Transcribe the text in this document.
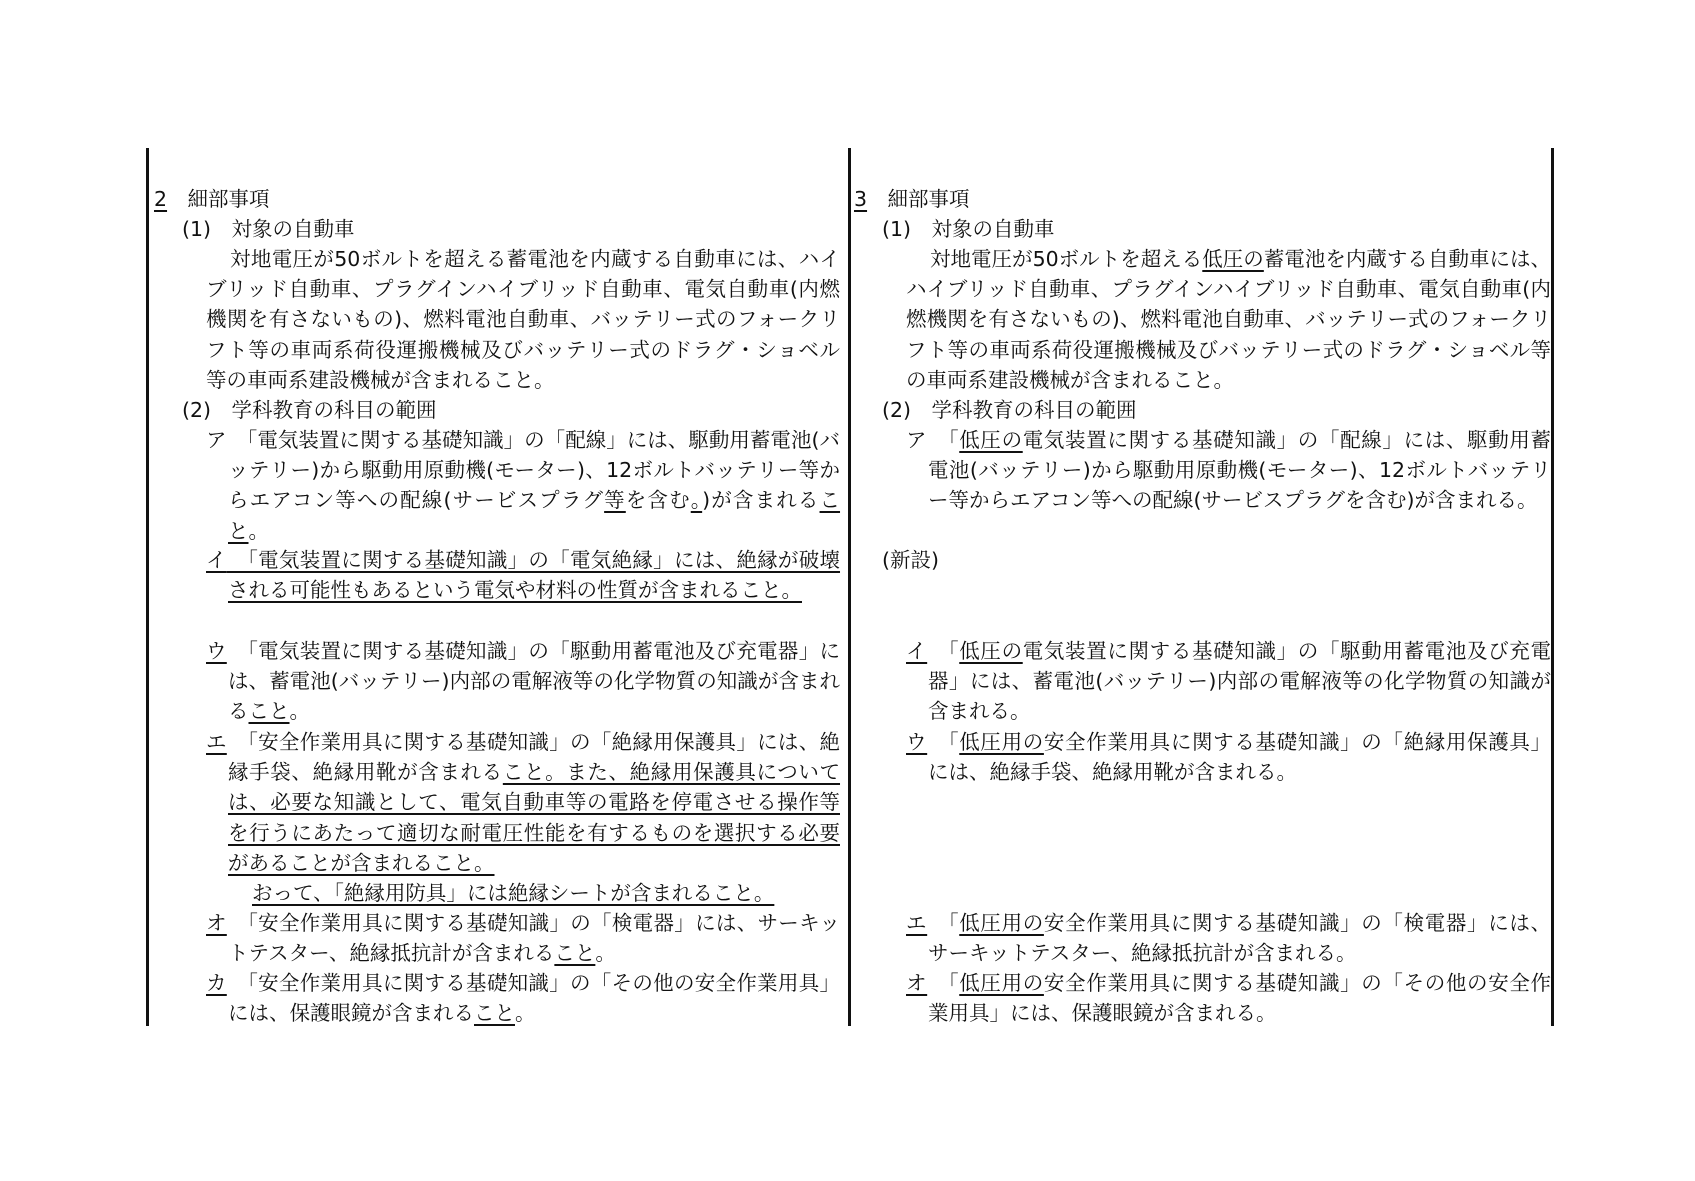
2　細部事項

(1)　対象の自動車

対地電圧が50ボルトを超える蓄電池を内蔵する自動車には、ハイブリッド自動車、プラグインハイブリッド自動車、電気自動車(内燃機関を有さないもの)、燃料電池自動車、バッテリー式のフォークリフト等の車両系荷役運搬機械及びバッテリー式のドラグ・ショベル等の車両系建設機械が含まれること。

(2)　学科教育の科目の範囲

ア　「電気装置に関する基礎知識」の「配線」には、駆動用蓄電池(バッテリー)から駆動用原動機(モーター)、12ボルトバッテリー等からエアコン等への配線(サービスプラグ等を含む。)が含まれること。

イ　「電気装置に関する基礎知識」の「電気絶縁」には、絶縁が破壊される可能性もあるという電気や材料の性質が含まれること。

ウ　「電気装置に関する基礎知識」の「駆動用蓄電池及び充電器」には、蓄電池(バッテリー)内部の電解液等の化学物質の知識が含まれること。

エ　「安全作業用具に関する基礎知識」の「絶縁用保護具」には、絶縁手袋、絶縁用靴が含まれること。また、絶縁用保護具については、必要な知識として、電気自動車等の電路を停電させる操作等を行うにあたって適切な耐電圧性能を有するものを選択する必要があることが含まれること。

おって、「絶縁用防具」には絶縁シートが含まれること。

オ　「安全作業用具に関する基礎知識」の「検電器」には、サーキットテスター、絶縁抵抗計が含まれること。

カ　「安全作業用具に関する基礎知識」の「その他の安全作業用具」には、保護眼鏡が含まれること。

3　細部事項

(1)　対象の自動車

対地電圧が50ボルトを超える低圧の蓄電池を内蔵する自動車には、ハイブリッド自動車、プラグインハイブリッド自動車、電気自動車(内燃機関を有さないもの)、燃料電池自動車、バッテリー式のフォークリフト等の車両系荷役運搬機械及びバッテリー式のドラグ・ショベル等の車両系建設機械が含まれること。

(2)　学科教育の科目の範囲

ア　「低圧の電気装置に関する基礎知識」の「配線」には、駆動用蓄電池(バッテリー)から駆動用原動機(モーター)、12ボルトバッテリー等からエアコン等への配線(サービスプラグを含む)が含まれる。

(新設)

イ　「低圧の電気装置に関する基礎知識」の「駆動用蓄電池及び充電器」には、蓄電池(バッテリー)内部の電解液等の化学物質の知識が含まれる。

ウ　「低圧用の安全作業用具に関する基礎知識」の「絶縁用保護具」には、絶縁手袋、絶縁用靴が含まれる。

エ　「低圧用の安全作業用具に関する基礎知識」の「検電器」には、サーキットテスター、絶縁抵抗計が含まれる。

オ　「低圧用の安全作業用具に関する基礎知識」の「その他の安全作業用具」には、保護眼鏡が含まれる。
